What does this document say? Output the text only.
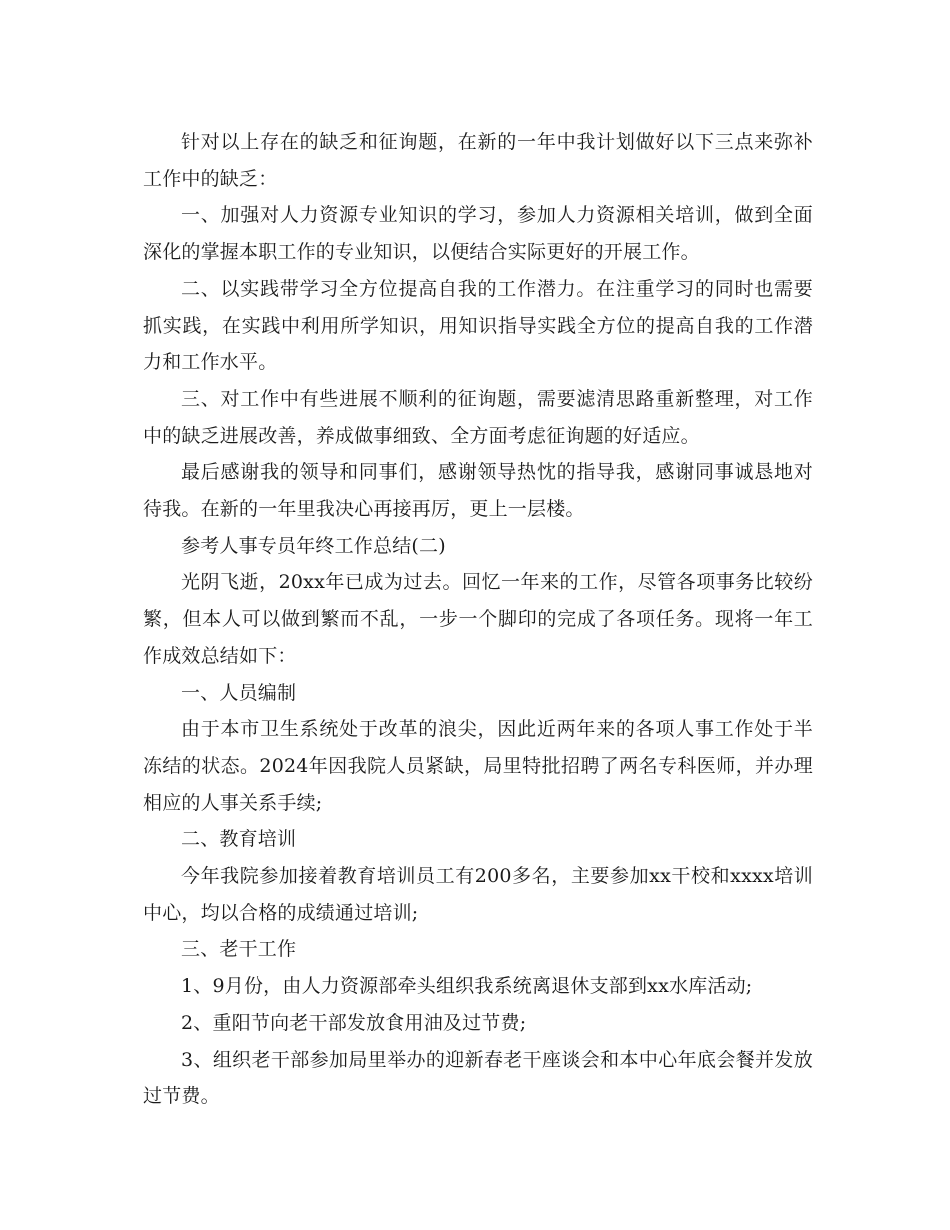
针对以上存在的缺乏和征询题，在新的一年中我计划做好以下三点来弥补工作中的缺乏：

一、加强对人力资源专业知识的学习，参加人力资源相关培训，做到全面深化的掌握本职工作的专业知识，以便结合实际更好的开展工作。

二、以实践带学习全方位提高自我的工作潜力。在注重学习的同时也需要抓实践，在实践中利用所学知识，用知识指导实践全方位的提高自我的工作潜力和工作水平。

三、对工作中有些进展不顺利的征询题，需要滤清思路重新整理，对工作中的缺乏进展改善，养成做事细致、全方面考虑征询题的好适应。

最后感谢我的领导和同事们，感谢领导热忱的指导我，感谢同事诚恳地对待我。在新的一年里我决心再接再厉，更上一层楼。

参考人事专员年终工作总结(二)

光阴飞逝，20xx年已成为过去。回忆一年来的工作，尽管各项事务比较纷繁，但本人可以做到繁而不乱，一步一个脚印的完成了各项任务。现将一年工作成效总结如下：

一、人员编制

由于本市卫生系统处于改革的浪尖，因此近两年来的各项人事工作处于半冻结的状态。2024年因我院人员紧缺，局里特批招聘了两名专科医师，并办理相应的人事关系手续;

二、教育培训

今年我院参加接着教育培训员工有200多名，主要参加xx干校和xxxx培训中心，均以合格的成绩通过培训;

三、老干工作

1、9月份，由人力资源部牵头组织我系统离退休支部到xx水库活动;

2、重阳节向老干部发放食用油及过节费;

3、组织老干部参加局里举办的迎新春老干座谈会和本中心年底会餐并发放过节费。
